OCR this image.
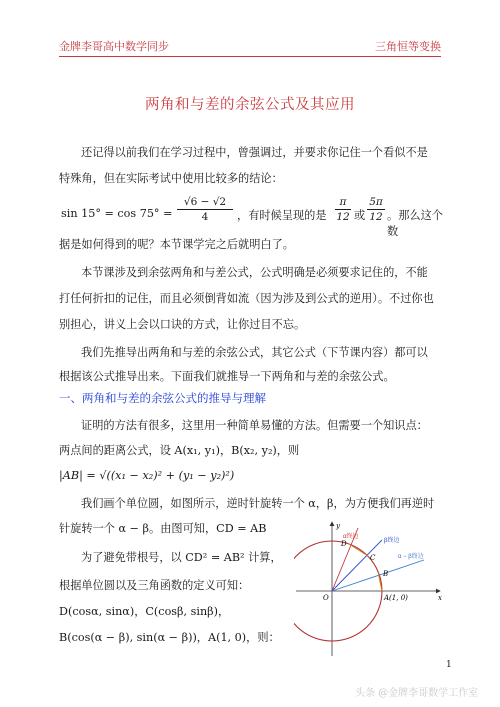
金牌李哥高中数学同步	三角恒等变换
两角和与差的余弦公式及其应用
还记得以前我们在学习过程中，曾强调过，并要求你记住一个看似不是
特殊角，但在实际考试中使用比较多的结论：
$\sin 15^\circ = \cos 75^\circ = \frac{√6 - √2}{4}$ ，有时候呈现的是 $\frac{\pi}{12}$ 或 $\frac{5\pi}{12}$ 。那么这个数
据是如何得到的呢？本节课学完之后就明白了。
本节课涉及到余弦两角和与差公式，公式明确是必须要求记住的，不能
打任何折扣的记住，而且必须倒背如流（因为涉及到公式的逆用）。不过你也
别担心，讲义上会以口诀的方式，让你过目不忘。
我们先推导出两角和与差的余弦公式，其它公式（下节课内容）都可以
根据该公式推导出来。下面我们就推导一下两角和与差的余弦公式。
一、两角和与差的余弦公式的推导与理解
证明的方法有很多，这里用一种简单易懂的方法。但需要一个知识点：
两点间的距离公式，设 A(x₁, y₁)，B(x₂, y₂)，则
|AB| = √((x₁ − x₂)² + (y₁ − y₂)²)
我们画个单位圆，如图所示，逆时针旋转一个 α，β，为方便我们再逆时
针旋转一个 α − β。由图可知，CD = AB
为了避免带根号，以 CD² = AB² 计算，
根据单位圆以及三角函数的定义可知：
D(cosα, sinα)，C(cosβ, sinβ)，
B(cos(α − β), sin(α − β))，A(1, 0)，则：
α终边
β终边
α − β终边
D
C
B
O	A(1, 0)	x
y
1
头条 @金牌李哥数学工作室
